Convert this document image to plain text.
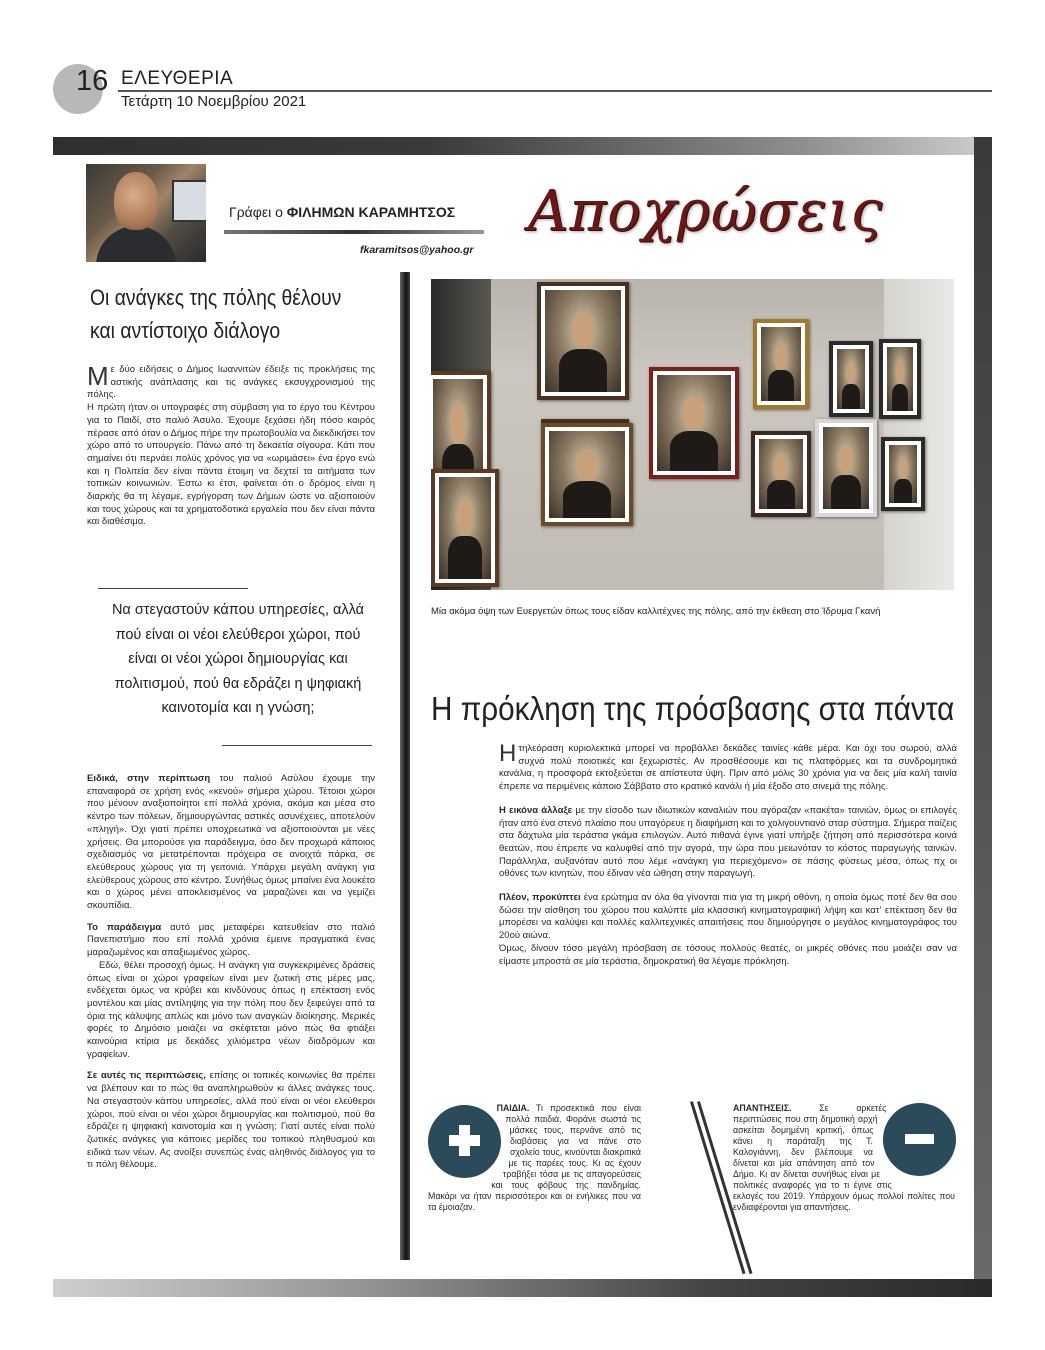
16 ΕΛΕΥΘΕΡΙΑ
Τετάρτη 10 Νοεμβρίου 2021
Γράφει ο ΦΙΛΗΜΩΝ ΚΑΡΑΜΗΤΣΟΣ
fkaramitsos@yahoo.gr
Αποχρώσεις
Οι ανάγκες της πόλης θέλουν
και αντίστοιχο διάλογο

Με δύο ειδήσεις ο Δήμος Ιωαννιτών έδειξε τις προκλήσεις της αστικής ανάπλασης και τις ανάγκες εκσυγχρονισμού της πόλης.

Η πρώτη ήταν οι υπογραφές στη σύμβαση για το έργο του Κέντρου για το Παιδί, στο παλιό Άσυλο. Έχουμε ξεχάσει ήδη πόσο καιρός πέρασε από όταν ο Δήμος πήρε την πρωτοβουλία να διεκδικήσει τον χώρο από το υπουργείο. Πάνω από τη δεκαετία σίγουρα. Κάτι που σημαίνει ότι περνάει πολύς χρόνος για να «ωριμάσει» ένα έργο ενώ και η Πολιτεία δεν είναι πάντα έτοιμη να δεχτεί τα αιτήματα των τοπικών κοινωνιών. Έστω κι έτσι, φαίνεται ότι ο δρόμος είναι η διαρκής θα τη λέγαμε, εγρήγορση των Δήμων ώστε να αξιοποιούν και τους χώρους και τα χρηματοδοτικά εργαλεία που δεν είναι πάντα και διαθέσιμα.

Να στεγαστούν κάπου υπηρεσίες, αλλά πού είναι οι νέοι ελεύθεροι χώροι, πού είναι οι νέοι χώροι δημιουργίας και πολιτισμού, πού θα εδράζει η ψηφιακή καινοτομία και η γνώση;

Ειδικά, στην περίπτωση του παλιού Ασύλου έχουμε την επαναφορά σε χρήση ενός «κενού» σήμερα χώρου. Τέτοιοι χώροι που μένουν αναξιοποίητοι επί πολλά χρόνια, ακόμα και μέσα στο κέντρο των πόλεων, δημιουργώντας αστικές ασυνέχειες, αποτελούν «πληγή». Όχι γιατί πρέπει υποχρεωτικά να αξιοποιούνται με νέες χρήσεις. Θα μπορούσε για παράδειγμα, όσο δεν προχωρά κάποιος σχεδιασμός να μετατρέπονται πρόχειρα σε ανοιχτά πάρκα, σε ελεύθερους χώρους για τη γειτονιά. Υπάρχει μεγάλη ανάγκη για ελεύθερους χώρους στο κέντρο. Συνήθως όμως μπαίνει ένα λουκέτο και ο χώρος μένει αποκλεισμένος να μαραζώνει και να γεμίζει σκουπίδια.

Το παράδειγμα αυτό μας μεταφέρει κατευθείαν στο παλιό Πανεπιστήμιο που επί πολλά χρόνια έμεινε πραγματικά ένας μαραζωμένος και απαξιωμένος χώρος.

Εδώ, θέλει προσοχή όμως. Η ανάγκη για συγκεκριμένες δράσεις όπως είναι οι χώροι γραφείων είναι μεν ζωτική στις μέρες μας, ενδέχεται όμως να κρύβει και κινδύνους όπως η επέκταση ενός μοντέλου και μίας αντίληψης για την πόλη που δεν ξεφεύγει από τα όρια της κάλυψης απλώς και μόνο των αναγκών διοίκησης. Μερικές φορές το Δημόσιο μοιάζει να σκέφτεται μόνο πώς θα φτιάξει καινούρια κτίρια με δεκάδες χιλιόμετρα νέων διαδρόμων και γραφείων.

Σε αυτές τις περιπτώσεις, επίσης οι τοπικές κοινωνίες θα πρέπει να βλέπουν και το πώς θα αναπληρωθούν κι άλλες ανάγκες τους. Να στεγαστούν κάπου υπηρεσίες, αλλά πού είναι οι νέοι ελεύθεροι χώροι, πού είναι οι νέοι χώροι δημιουργίας και πολιτισμού, πού θα εδράζει η ψηφιακή καινοτομία και η γνώση; Γιατί αυτές είναι πολύ ζωτικές ανάγκες για κάποιες μερίδες του τοπικού πληθυσμού και ειδικά των νέων. Ας ανοίξει συνεπώς ένας αληθινός διάλογος για το τι πόλη θέλουμε.

Μία ακόμα όψη των Ευεργετών όπως τους είδαν καλλιτέχνες της πόλης, από την έκθεση στο Ίδρυμα Γκανή
Η πρόκληση της πρόσβασης στα πάντα

Η τηλεόραση κυριολεκτικά μπορεί να προβάλλει δεκάδες ταινίες κάθε μέρα. Και όχι του σωρού, αλλά συχνά πολύ ποιοτικές και ξεχωριστές. Αν προσθέσουμε και τις πλατφόρμες και τα συνδρομητικά κανάλια, η προσφορά εκτοξεύεται σε απίστευτα ύψη. Πριν από μόλις 30 χρόνια για να δεις μία καλή ταινία έπρεπε να περιμένεις κάποιο Σάββατο στο κρατικό κανάλι ή μία έξοδο στο σινεμά της πόλης.

Η εικόνα άλλαξε με την είσοδο των ιδιωτικών καναλιών που αγόραζαν «πακέτα» ταινιών, όμως οι επιλογές ήταν από ένα στενό πλαίσιο που υπαγόρευε η διαφήμιση και το χολιγουντιανό σταρ σύστημα. Σήμερα παίζεις στα δάχτυλα μία τεράστια γκάμα επιλογών. Αυτό πιθανά έγινε γιατί υπήρξε ζήτηση από περισσότερα κοινά θεατών, που έπρεπε να καλυφθεί από την αγορά, την ώρα που μειωνόταν το κόστος παραγωγής ταινιών. Παράλληλα, αυξανόταν αυτό που λέμε «ανάγκη για περιεχόμενο» σε πάσης φύσεως μέσα, όπως πχ οι οθόνες των κινητών, που έδιναν νέα ώθηση στην παραγωγή.

Πλέον, προκύπτει ένα ερώτημα αν όλα θα γίνονται πια για τη μικρή οθόνη, η οποία όμως ποτέ δεν θα σου δώσει την αίσθηση του χώρου που καλύπτε μία κλασσική κινηματογραφική λήψη και κατ' επέκταση δεν θα μπορέσει να καλύψει και πολλές καλλιτεχνικές απαιτήσεις που δημιούργησε ο μεγάλος κινηματογράφος του 20ού αιώνα.

Όμως, δίνουν τόσο μεγάλη πρόσβαση σε τόσους πολλούς θεατές, οι μικρές οθόνες που μοιάζει σαν να είμαστε μπροστά σε μία τεράστια, δημοκρατική θα λέγαμε πρόκληση.

ΠΑΙΔΙΑ. Τι προσεκτικά που είναι πολλά παιδιά. Φοράνε σωστά τις μάσκες τους, περνάνε από τις διαβάσεις για να πάνε στο σχολείο τους, κινούνται διακριτικά με τις παρέες τους. Κι ας έχουν τραβήξει τόσα με τις απαγορεύσεις και τους φόβους της πανδημίας. Μακάρι να ήταν περισσότεροι και οι ενήλικες που να τα έμοιαζαν.

ΑΠΑΝΤΗΣΕΙΣ. Σε αρκετές περιπτώσεις που στη δημοτική αρχή ασκείται δομημένη κριτική, όπως κάνει η παράταξη της Τ. Καλογιάννη, δεν βλέπουμε να δίνεται και μία απάντηση από τον Δήμο. Κι αν δίνεται συνήθως είναι με πολιτικές αναφορές για το τι έγινε στις εκλογές του 2019. Υπάρχουν όμως πολλοί πολίτες που ενδιαφέρονται για απαντήσεις.
